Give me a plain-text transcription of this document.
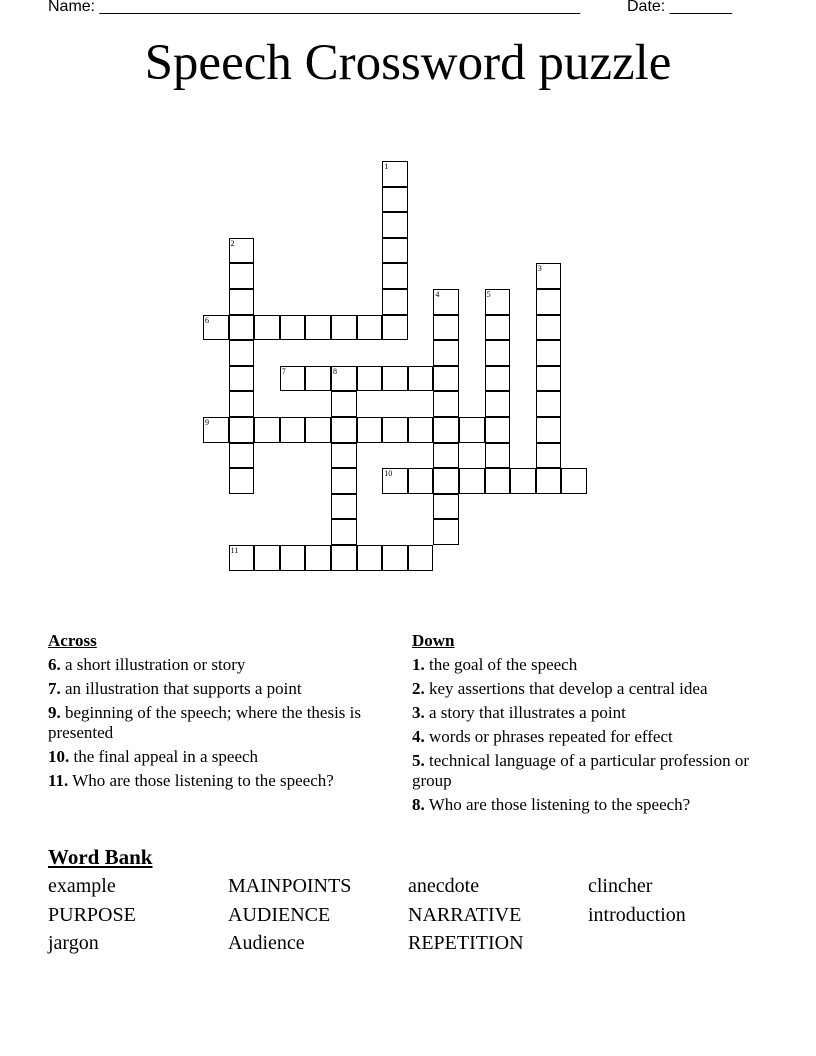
Name: ______________________________________________________	Date: _______
Speech Crossword puzzle
1
2
3
4	5
6
7	8
9
10
11
Across
6. a short illustration or story
7. an illustration that supports a point
9. beginning of the speech; where the thesis is presented
10. the final appeal in a speech
11. Who are those listening to the speech?
Down
1. the goal of the speech
2. key assertions that develop a central idea
3. a story that illustrates a point
4. words or phrases repeated for effect
5. technical language of a particular profession or group
8. Who are those listening to the speech?
Word Bank
example	MAINPOINTS	anecdote	clincher
PURPOSE	AUDIENCE	NARRATIVE	introduction
jargon	Audience	REPETITION
